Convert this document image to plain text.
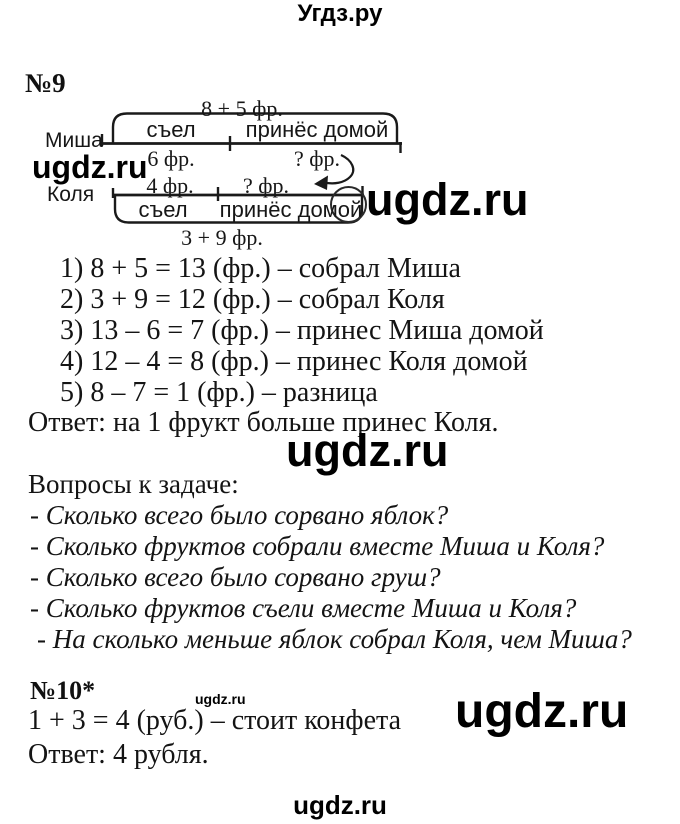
Угдз.ру
№9
ugdz.ru
ugdz.ru
8 + 5 фр.
Миша	съел	принёс домой
6 фр.	? фр.
Коля	4 фр.	? фр.
съел	принёс домой
3 + 9 фр.
1) 8 + 5 = 13 (фр.) – собрал Миша
2) 3 + 9 = 12 (фр.) – собрал Коля
3) 13 – 6 = 7 (фр.) – принес Миша домой
4) 12 – 4 = 8 (фр.) – принес Коля домой
5) 8 – 7 = 1 (фр.) – разница
Ответ: на 1 фрукт больше принес Коля.
ugdz.ru
Вопросы к задаче:
- Сколько всего было сорвано яблок?
- Сколько фруктов собрали вместе Миша и Коля?
- Сколько всего было сорвано груш?
- Сколько фруктов съели вместе Миша и Коля?
- На сколько меньше яблок собрал Коля, чем Миша?
№10*	ugdz.ru	ugdz.ru
1 + 3 = 4 (руб.) – стоит конфета
Ответ: 4 рубля.
ugdz.ru
